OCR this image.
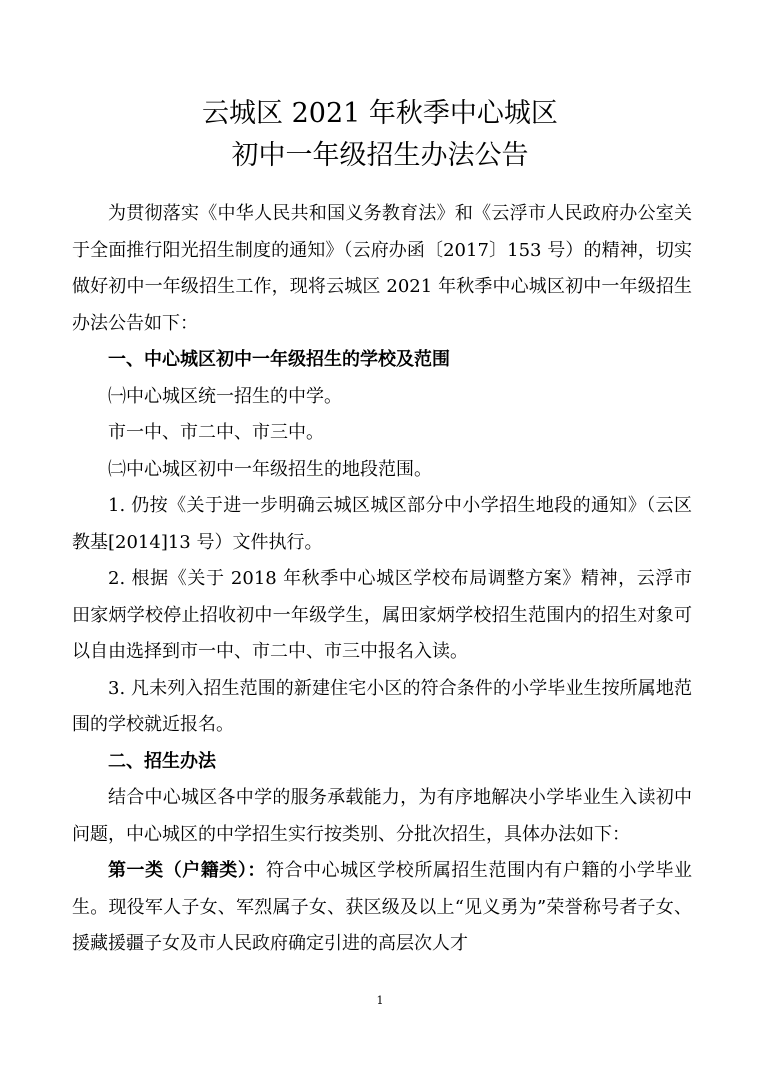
云城区 2021 年秋季中心城区
初中一年级招生办法公告

为贯彻落实《中华人民共和国义务教育法》和《云浮市人民政府办公室关于全面推行阳光招生制度的通知》（云府办函〔2017〕153 号）的精神，切实做好初中一年级招生工作，现将云城区 2021 年秋季中心城区初中一年级招生办法公告如下：

一、中心城区初中一年级招生的学校及范围

㈠中心城区统一招生的中学。

市一中、市二中、市三中。

㈡中心城区初中一年级招生的地段范围。

1. 仍按《关于进一步明确云城区城区部分中小学招生地段的通知》（云区教基[2014]13 号）文件执行。

2. 根据《关于 2018 年秋季中心城区学校布局调整方案》精神，云浮市田家炳学校停止招收初中一年级学生，属田家炳学校招生范围内的招生对象可以自由选择到市一中、市二中、市三中报名入读。

3. 凡未列入招生范围的新建住宅小区的符合条件的小学毕业生按所属地范围的学校就近报名。

二、招生办法

结合中心城区各中学的服务承载能力，为有序地解决小学毕业生入读初中问题，中心城区的中学招生实行按类别、分批次招生，具体办法如下：

第一类（户籍类）：符合中心城区学校所属招生范围内有户籍的小学毕业生。现役军人子女、军烈属子女、获区级及以上“见义勇为”荣誉称号者子女、援藏援疆子女及市人民政府确定引进的高层次人才

1
